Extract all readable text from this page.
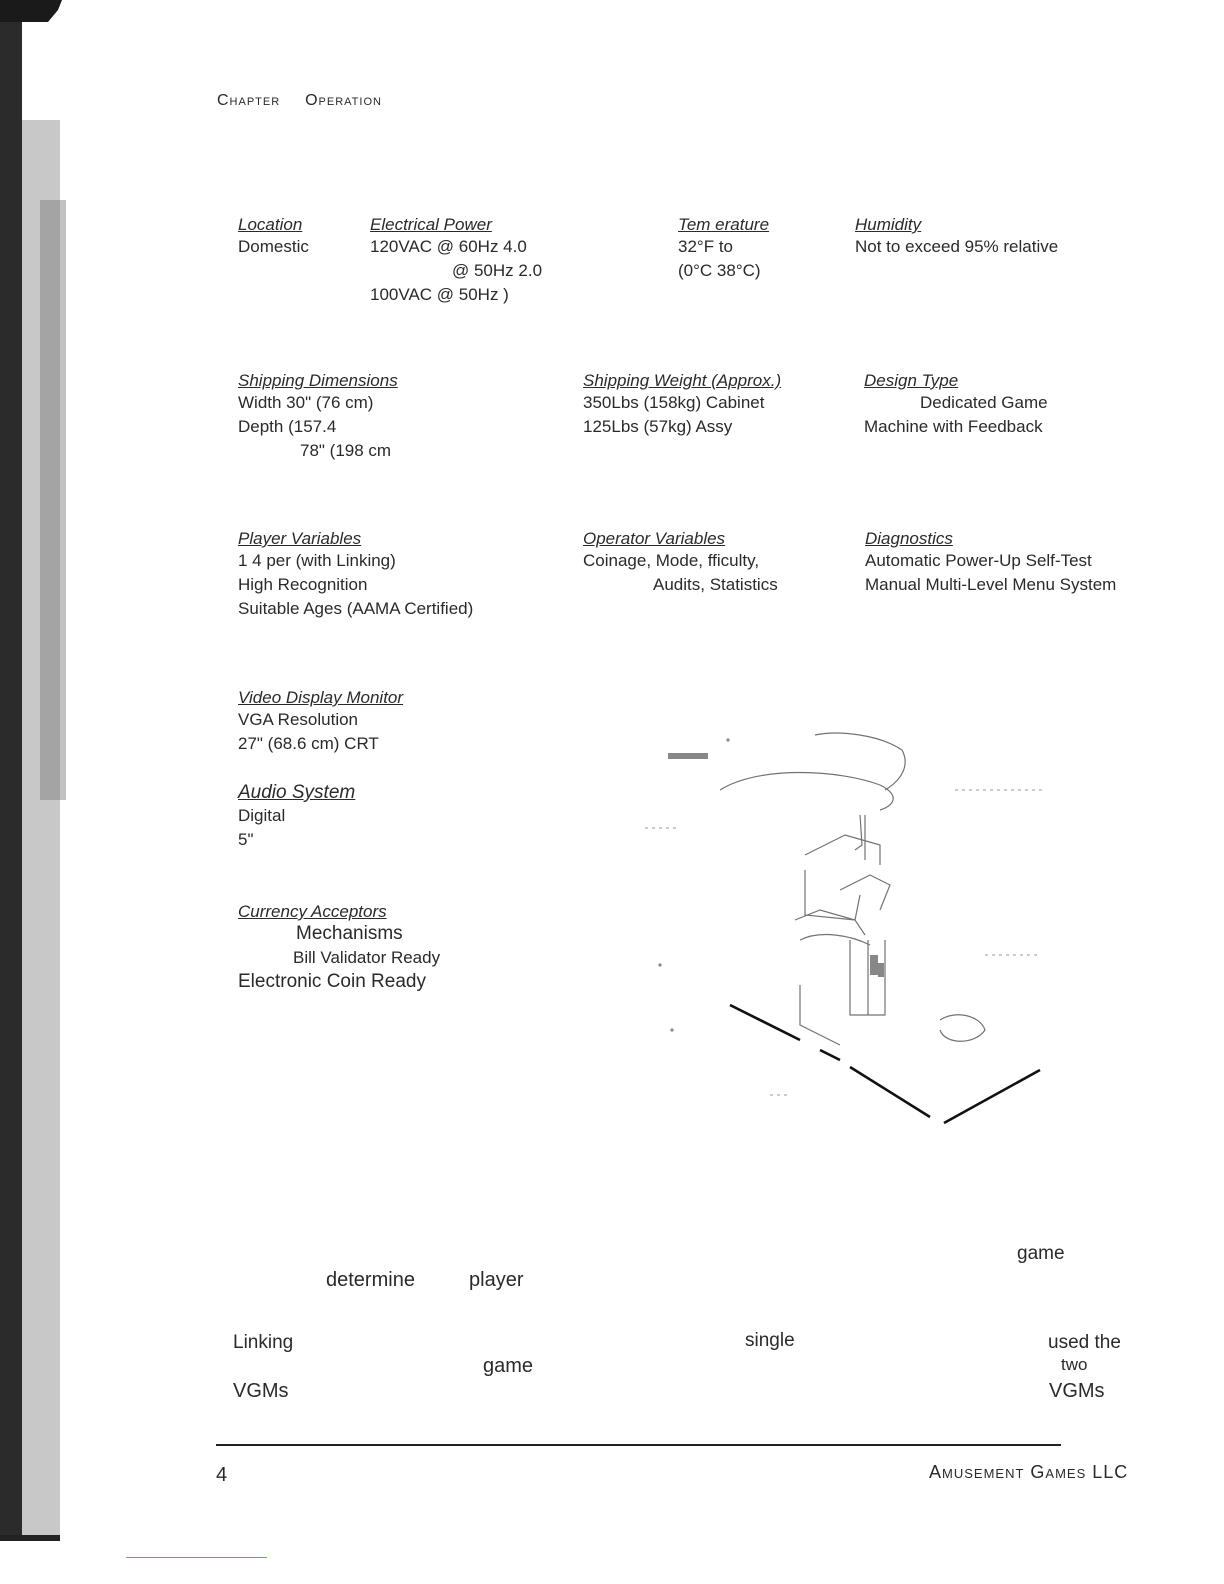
Chapter Operation
Location
Domestic
Electrical Power
120VAC @ 60Hz 4.0
@ 50Hz 2.0
100VAC @ 50Hz )
Tem erature
32°F to
(0°C 38°C)
Humidity
Not to exceed 95% relative
Shipping Dimensions
Width 30" (76 cm)
Depth (157.4
78" (198 cm
Shipping Weight (Approx.)
350Lbs (158kg) Cabinet
125Lbs (57kg) Assy
Design Type
Dedicated Game
Machine with Feedback
Player Variables
1 4 per (with Linking)
High Recognition
Suitable Ages (AAMA Certified)
Operator Variables
Coinage, Mode, fficulty,
Audits, Statistics
Diagnostics
Automatic Power-Up Self-Test
Manual Multi-Level Menu System
Video Display Monitor
VGA Resolution
27" (68.6 cm) CRT
Audio System
Digital
5"
Currency Acceptors
Mechanisms
Bill Validator Ready
Electronic Coin Ready
game
determine	player
Linking	single	used the
two
game
VGMs	VGMs
4	Amusement Games LLC
